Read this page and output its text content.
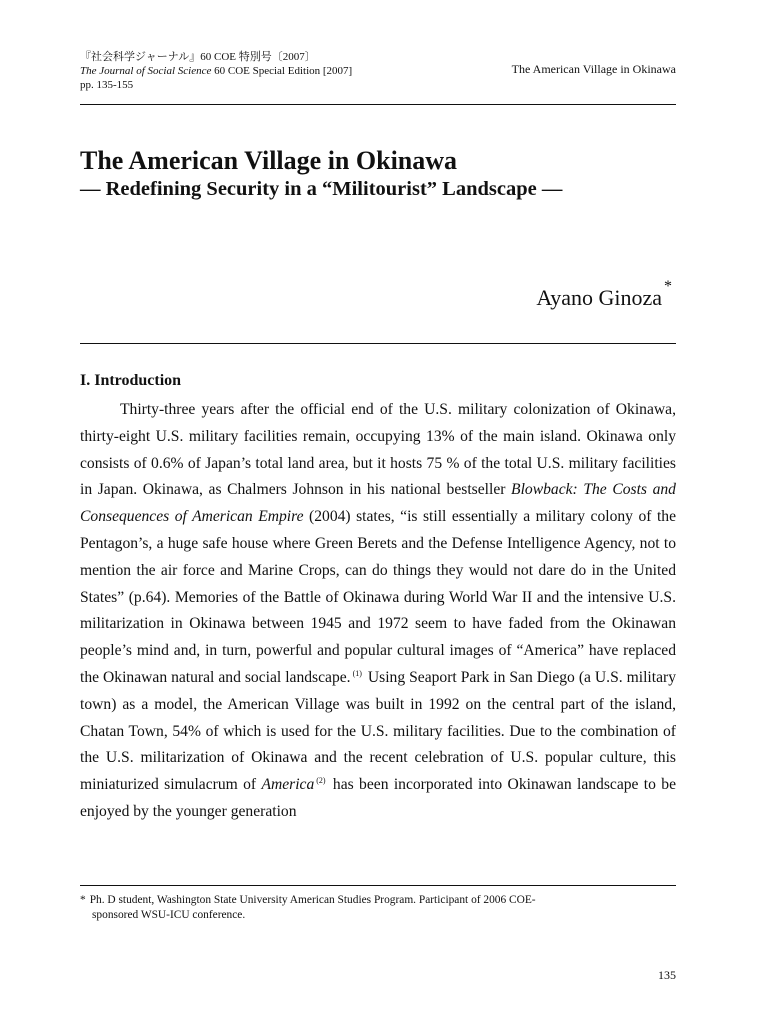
『社会科学ジャーナル』60 COE 特別号〔2007〕
The Journal of Social Science 60 COE Special Edition [2007]
pp. 135-155
The American Village in Okinawa
The American Village in Okinawa
— Redefining Security in a “Militourist” Landscape —
Ayano Ginoza *
I. Introduction

Thirty-three years after the official end of the U.S. military colonization of Okinawa, thirty-eight U.S. military facilities remain, occupying 13% of the main island. Okinawa only consists of 0.6% of Japan’s total land area, but it hosts 75 % of the total U.S. military facilities in Japan. Okinawa, as Chalmers Johnson in his national bestseller Blowback: The Costs and Consequences of American Empire (2004) states, “is still essentially a military colony of the Pentagon’s, a huge safe house where Green Berets and the Defense Intelligence Agency, not to mention the air force and Marine Crops, can do things they would not dare do in the United States” (p.64). Memories of the Battle of Okinawa during World War II and the intensive U.S. militarization in Okinawa between 1945 and 1972 seem to have faded from the Okinawan people’s mind and, in turn, powerful and popular cultural images of “America” have replaced the Okinawan natural and social landscape. $^{(1)}$ Using Seaport Park in San Diego (a U.S. military town) as a model, the American Village was built in 1992 on the central part of the island, Chatan Town, 54% of which is used for the U.S. military facilities. Due to the combination of the U.S. militarization of Okinawa and the recent celebration of U.S. popular culture, this miniaturized simulacrum of America $^{(2)}$ has been incorporated into Okinawan landscape to be enjoyed by the younger generation

* Ph. D student, Washington State University American Studies Program. Participant of 2006 COE-
sponsored WSU-ICU conference.
135
